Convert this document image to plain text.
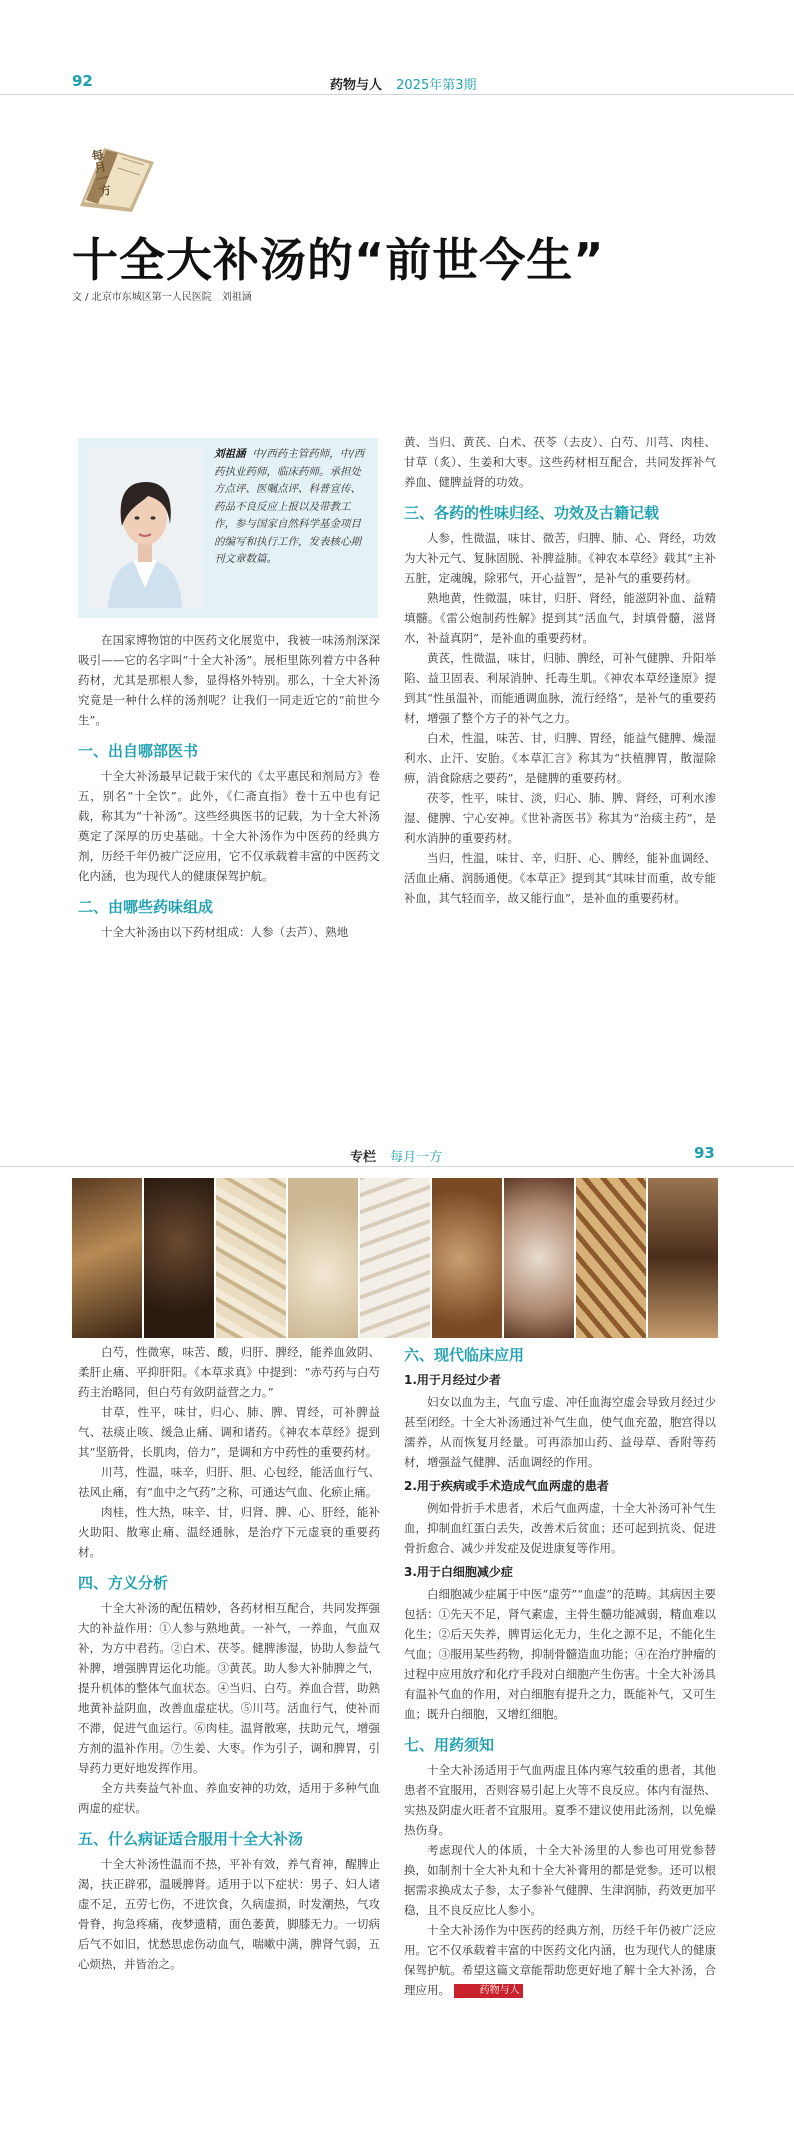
92	药物与人 2025年第3期
每月一方
十全大补汤的“前世今生”
文 / 北京市东城区第一人民医院　刘祖涵
刘祖涵 中/西药主管药师，中/西药执业药师，临床药师。承担处方点评、医嘱点评、科普宣传、药品不良反应上报以及带教工作，参与国家自然科学基金项目的编写和执行工作，发表核心期刊文章数篇。

在国家博物馆的中医药文化展览中，我被一味汤剂深深吸引——它的名字叫“十全大补汤”。展柜里陈列着方中各种药材，尤其是那根人参，显得格外特别。那么，十全大补汤究竟是一种什么样的汤剂呢？让我们一同走近它的“前世今生”。

一、出自哪部医书

十全大补汤最早记载于宋代的《太平惠民和剂局方》卷五，别名“十全饮”。此外，《仁斋直指》卷十五中也有记载，称其为“十补汤”。这些经典医书的记载，为十全大补汤奠定了深厚的历史基础。十全大补汤作为中医药的经典方剂，历经千年仍被广泛应用，它不仅承载着丰富的中医药文化内涵，也为现代人的健康保驾护航。

二、由哪些药味组成

十全大补汤由以下药材组成：人参（去芦）、熟地

黄、当归、黄芪、白术、茯苓（去皮）、白芍、川芎、肉桂、甘草（炙）、生姜和大枣。这些药材相互配合，共同发挥补气养血、健脾益肾的功效。

三、各药的性味归经、功效及古籍记载

人参，性微温，味甘、微苦，归脾、肺、心、肾经，功效为大补元气、复脉固脱、补脾益肺。《神农本草经》载其“主补五脏，定魂魄，除邪气，开心益智”，是补气的重要药材。

熟地黄，性微温，味甘，归肝、肾经，能滋阴补血、益精填髓。《雷公炮制药性解》提到其“活血气，封填骨髓，滋肾水，补益真阴”，是补血的重要药材。

黄芪，性微温，味甘，归肺、脾经，可补气健脾、升阳举陷、益卫固表、利尿消肿、托毒生肌。《神农本草经逢原》提到其“性虽温补，而能通调血脉，流行经络”，是补气的重要药材，增强了整个方子的补气之力。

白术，性温，味苦、甘，归脾、胃经，能益气健脾、燥湿利水、止汗、安胎。《本草汇言》称其为“扶植脾胃，散湿除痹，消食除痞之要药”，是健脾的重要药材。

茯苓，性平，味甘、淡，归心、肺、脾、肾经，可利水渗湿、健脾、宁心安神。《世补斋医书》称其为“治痰主药”，是利水消肿的重要药材。

当归，性温，味甘、辛，归肝、心、脾经，能补血调经、活血止痛、润肠通便。《本草正》提到其“其味甘而重，故专能补血，其气轻而辛，故又能行血”，是补血的重要药材。

专栏 每月一方	93

白芍，性微寒，味苦、酸，归肝、脾经，能养血敛阴、柔肝止痛、平抑肝阳。《本草求真》中提到：“赤芍药与白芍药主治略同，但白芍有敛阴益营之力。”

甘草，性平，味甘，归心、肺、脾、胃经，可补脾益气、祛痰止咳、缓急止痛、调和诸药。《神农本草经》提到其“坚筋骨，长肌肉，倍力”，是调和方中药性的重要药材。

川芎，性温，味辛，归肝、胆、心包经，能活血行气、祛风止痛，有“血中之气药”之称，可通达气血、化瘀止痛。

肉桂，性大热，味辛、甘，归肾、脾、心、肝经，能补火助阳、散寒止痛、温经通脉，是治疗下元虚衰的重要药材。

四、方义分析

十全大补汤的配伍精妙，各药材相互配合，共同发挥强大的补益作用：①人参与熟地黄。一补气，一养血，气血双补，为方中君药。②白术、茯苓。健脾渗湿，协助人参益气补脾，增强脾胃运化功能。③黄芪。助人参大补肺脾之气，提升机体的整体气血状态。④当归、白芍。养血合营，助熟地黄补益阴血，改善血虚症状。⑤川芎。活血行气，使补而不滞，促进气血运行。⑥肉桂。温肾散寒，扶助元气，增强方剂的温补作用。⑦生姜、大枣。作为引子，调和脾胃，引导药力更好地发挥作用。

全方共奏益气补血、养血安神的功效，适用于多种气血两虚的症状。

五、什么病证适合服用十全大补汤

十全大补汤性温而不热，平补有效，养气育神，醒脾止渴，扶正辟邪，温暖脾肾。适用于以下症状：男子、妇人诸虚不足，五劳七伤，不进饮食，久病虚损，时发潮热，气攻骨脊，拘急疼痛，夜梦遗精，面色萎黄，脚膝无力。一切病后气不如旧，忧愁思虑伤动血气，喘嗽中满，脾肾气弱，五心烦热，并皆治之。

六、现代临床应用
1.用于月经过少者

妇女以血为主，气血亏虚、冲任血海空虚会导致月经过少甚至闭经。十全大补汤通过补气生血，使气血充盈，胞宫得以濡养，从而恢复月经量。可再添加山药、益母草、香附等药材，增强益气健脾、活血调经的作用。

2.用于疾病或手术造成气血两虚的患者

例如骨折手术患者，术后气血两虚，十全大补汤可补气生血，抑制血红蛋白丢失，改善术后贫血；还可起到抗炎、促进骨折愈合、减少并发症及促进康复等作用。

3.用于白细胞减少症

白细胞减少症属于中医“虚劳”“血虚”的范畴。其病因主要包括：①先天不足，肾气素虚，主骨生髓功能减弱，精血难以化生；②后天失养，脾胃运化无力，生化之源不足，不能化生气血；③服用某些药物，抑制骨髓造血功能；④在治疗肿瘤的过程中应用放疗和化疗手段对白细胞产生伤害。十全大补汤具有温补气血的作用，对白细胞有提升之力，既能补气，又可生血；既升白细胞，又增红细胞。

七、用药须知

十全大补汤适用于气血两虚且体内寒气较重的患者，其他患者不宜服用，否则容易引起上火等不良反应。体内有湿热、实热及阴虚火旺者不宜服用。夏季不建议使用此汤剂，以免燥热伤身。

考虑现代人的体质，十全大补汤里的人参也可用党参替换，如制剂十全大补丸和十全大补膏用的都是党参。还可以根据需求换成太子参，太子参补气健脾、生津润肺，药效更加平稳，且不良反应比人参小。

十全大补汤作为中医药的经典方剂，历经千年仍被广泛应用。它不仅承载着丰富的中医药文化内涵，也为现代人的健康保驾护航。希望这篇文章能帮助您更好地了解十全大补汤，合理应用。	药物与人
